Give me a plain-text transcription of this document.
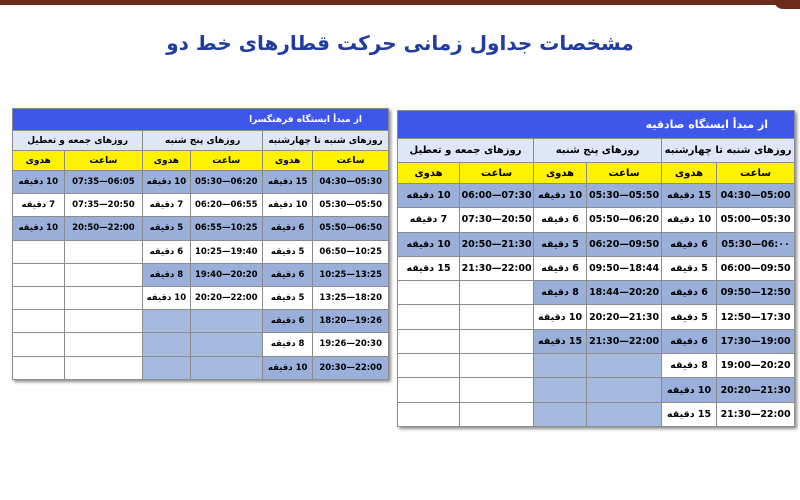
مشخصات جداول زمانی حرکت قطارهای خط دو
از مبدأ ایستگاه صادقیه					
روزهای شنبه تا چهارشنبه		روزهای پنج شنبه		روزهای جمعه و تعطیل	
ساعت	هدوی	ساعت	هدوی	ساعت	هدوی
05:00—04:30	15 دقیقه	05:50—05:30	10 دقیقه	07:30—06:00	10 دقیقه
05:30—05:00	10 دقیقه	06:20—05:50	6 دقیقه	20:50—07:30	7 دقیقه
06:۰۰—05:30	6 دقیقه	09:50—06:20	5 دقیقه	21:30—20:50	10 دقیقه
09:50—06:00	5 دقیقه	18:44—09:50	6 دقیقه	22:00—21:30	15 دقیقه
12:50—09:50	6 دقیقه	20:20—18:44	8 دقیقه		
17:30—12:50	5 دقیقه	21:30—20:20	10 دقیقه		
19:00—17:30	6 دقیقه	22:00—21:30	15 دقیقه		
20:20—19:00	8 دقیقه				
21:30—20:20	10 دقیقه				
22:00—21:30	15 دقیقه				
از مبدأ ایستگاه فرهنگسرا					
روزهای شنبه تا چهارشنبه		روزهای پنج شنبه		روزهای جمعه و تعطیل	
ساعت	هدوی	ساعت	هدوی	ساعت	هدوی
05:30—04:30	15 دقیقه	06:20—05:30	10 دقیقه	06:05—07:35	10 دقیقه
05:50—05:30	10 دقیقه	06:55—06:20	7 دقیقه	20:50—07:35	7 دقیقه
06:50—05:50	6 دقیقه	10:25—06:55	5 دقیقه	22:00—20:50	10 دقیقه
10:25—06:50	5 دقیقه	19:40—10:25	6 دقیقه		
13:25—10:25	6 دقیقه	20:20—19:40	8 دقیقه		
18:20—13:25	5 دقیقه	22:00—20:20	10 دقیقه		
19:26—18:20	6 دقیقه				
20:30—19:26	8 دقیقه				
22:00—20:30	10 دقیقه				
